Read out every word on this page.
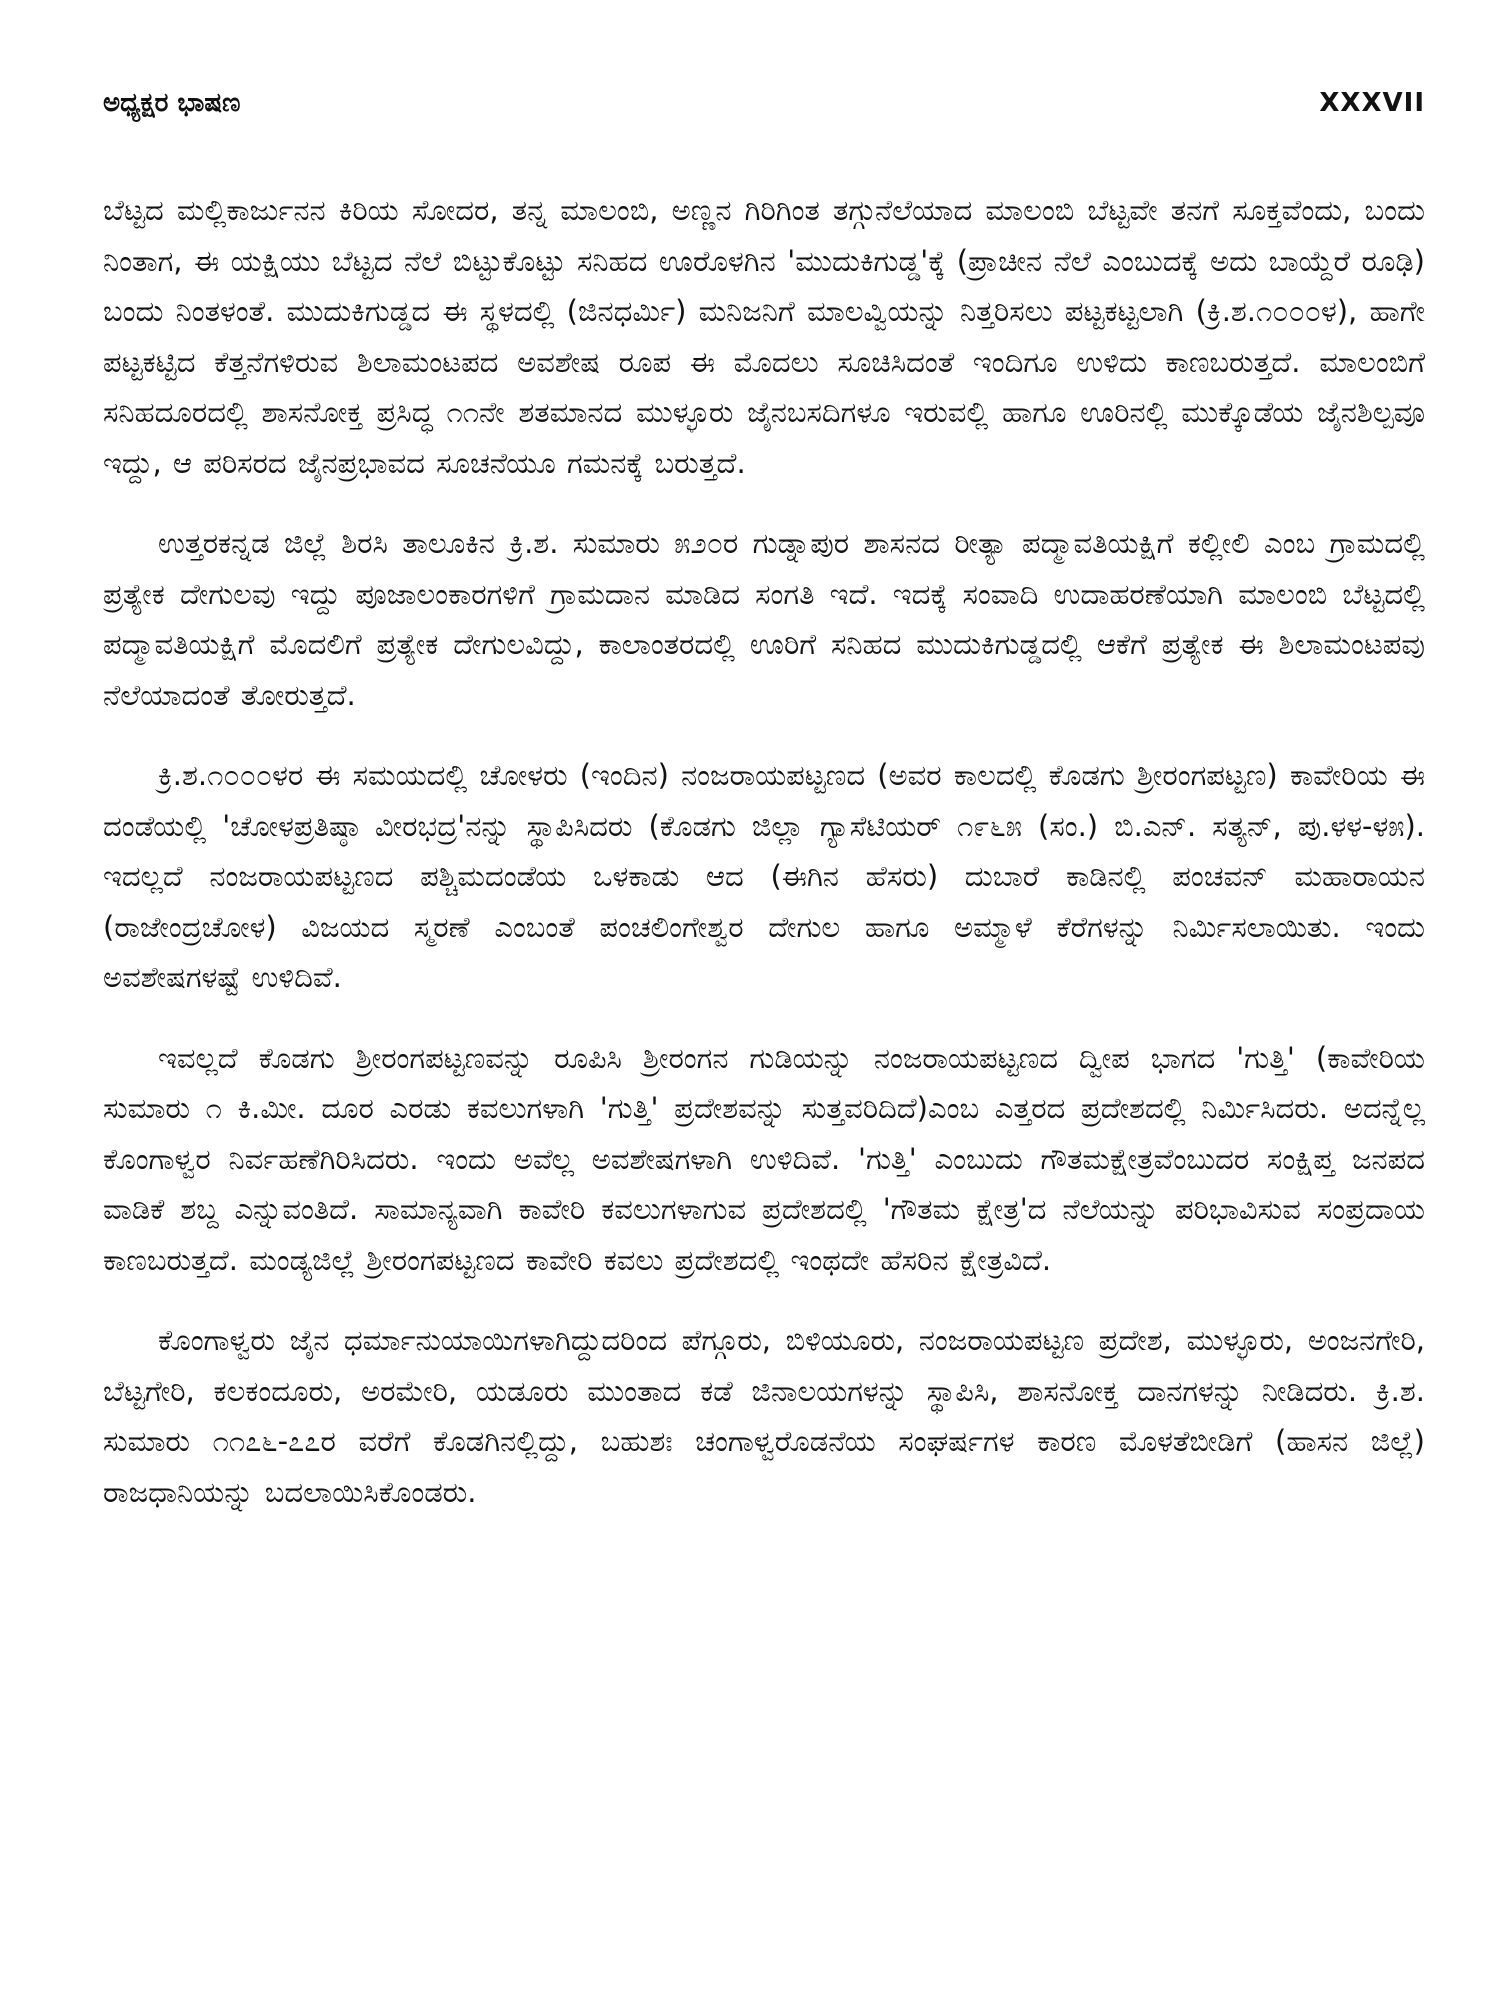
ಅಧ್ಯಕ್ಷರ ಭಾಷಣ	XXXVII

ಬೆಟ್ಟದ ಮಲ್ಲಿಕಾರ್ಜುನನ ಕಿರಿಯ ಸೋದರ, ತನ್ನ ಮಾಲಂಬಿ, ಅಣ್ಣನ ಗಿರಿಗಿಂತ ತಗ್ಗುನೆಲೆಯಾದ ಮಾಲಂಬಿ ಬೆಟ್ಟವೇ ತನಗೆ ಸೂಕ್ತವೆಂದು, ಬಂದು ನಿಂತಾಗ, ಈ ಯಕ್ಷಿಯು ಬೆಟ್ಟದ ನೆಲೆ ಬಿಟ್ಟುಕೊಟ್ಟು ಸನಿಹದ ಊರೊಳಗಿನ 'ಮುದುಕಿಗುಡ್ಡ'ಕ್ಕೆ (ಪ್ರಾಚೀನ ನೆಲೆ ಎಂಬುದಕ್ಕೆ ಅದು ಬಾಯ್ದೆರೆ ರೂಢಿ) ಬಂದು ನಿಂತಳಂತೆ. ಮುದುಕಿಗುಡ್ಡದ ಈ ಸ್ಥಳದಲ್ಲಿ (ಜಿನಧರ್ಮಿ) ಮನಿಜನಿಗೆ ಮಾಲವ್ವಿಯನ್ನು ನಿತ್ತರಿಸಲು ಪಟ್ಟಕಟ್ಟಲಾಗಿ (ಕ್ರಿ.ಶ.೧೦೦೦ಳ), ಹಾಗೇ ಪಟ್ಟಕಟ್ಟಿದ ಕೆತ್ತನೆಗಳಿರುವ ಶಿಲಾಮಂಟಪದ ಅವಶೇಷ ರೂಪ ಈ ಮೊದಲು ಸೂಚಿಸಿದಂತೆ ಇಂದಿಗೂ ಉಳಿದು ಕಾಣಬರುತ್ತದೆ. ಮಾಲಂಬಿಗೆ ಸನಿಹದೂರದಲ್ಲಿ ಶಾಸನೋಕ್ತ ಪ್ರಸಿದ್ಧ ೧೧ನೇ ಶತಮಾನದ ಮುಳ್ಳೂರು ಜೈನಬಸದಿಗಳೂ ಇರುವಲ್ಲಿ ಹಾಗೂ ಊರಿನಲ್ಲಿ ಮುಕ್ಕೊಡೆಯ ಜೈನಶಿಲ್ಪವೂ ಇದ್ದು, ಆ ಪರಿಸರದ ಜೈನಪ್ರಭಾವದ ಸೂಚನೆಯೂ ಗಮನಕ್ಕೆ ಬರುತ್ತದೆ.

ಉತ್ತರಕನ್ನಡ ಜಿಲ್ಲೆ ಶಿರಸಿ ತಾಲೂಕಿನ ಕ್ರಿ.ಶ. ಸುಮಾರು ೫೨೦ರ ಗುಡ್ನಾಪುರ ಶಾಸನದ ರೀತ್ಯಾ ಪದ್ಮಾವತಿಯಕ್ಷಿಗೆ ಕಲ್ಲೀಲಿ ಎಂಬ ಗ್ರಾಮದಲ್ಲಿ ಪ್ರತ್ಯೇಕ ದೇಗುಲವು ಇದ್ದು ಪೂಜಾಲಂಕಾರಗಳಿಗೆ ಗ್ರಾಮದಾನ ಮಾಡಿದ ಸಂಗತಿ ಇದೆ. ಇದಕ್ಕೆ ಸಂವಾದಿ ಉದಾಹರಣೆಯಾಗಿ ಮಾಲಂಬಿ ಬೆಟ್ಟದಲ್ಲಿ ಪದ್ಮಾವತಿಯಕ್ಷಿಗೆ ಮೊದಲಿಗೆ ಪ್ರತ್ಯೇಕ ದೇಗುಲವಿದ್ದು, ಕಾಲಾಂತರದಲ್ಲಿ ಊರಿಗೆ ಸನಿಹದ ಮುದುಕಿಗುಡ್ಡದಲ್ಲಿ ಆಕೆಗೆ ಪ್ರತ್ಯೇಕ ಈ ಶಿಲಾಮಂಟಪವು ನೆಲೆಯಾದಂತೆ ತೋರುತ್ತದೆ.

ಕ್ರಿ.ಶ.೧೦೦೦ಳರ ಈ ಸಮಯದಲ್ಲಿ ಚೋಳರು (ಇಂದಿನ) ನಂಜರಾಯಪಟ್ಟಣದ (ಅವರ ಕಾಲದಲ್ಲಿ ಕೊಡಗು ಶ್ರೀರಂಗಪಟ್ಟಣ) ಕಾವೇರಿಯ ಈ ದಂಡೆಯಲ್ಲಿ 'ಚೋಳಪ್ರತಿಷ್ಠಾ ವೀರಭದ್ರ'ನನ್ನು ಸ್ಥಾಪಿಸಿದರು (ಕೊಡಗು ಜಿಲ್ಲಾ ಗ್ಯಾಸೆಟಿಯರ್ ೧೯೬೫ (ಸಂ.) ಬಿ.ಎನ್. ಸತ್ಯನ್, ಪು.ಳಳ-ಳ೫). ಇದಲ್ಲದೆ ನಂಜರಾಯಪಟ್ಟಣದ ಪಶ್ಚಿಮದಂಡೆಯ ಒಳಕಾಡು ಆದ (ಈಗಿನ ಹೆಸರು) ದುಬಾರೆ ಕಾಡಿನಲ್ಲಿ ಪಂಚವನ್ ಮಹಾರಾಯನ (ರಾಜೇಂದ್ರಚೋಳ) ವಿಜಯದ ಸ್ಮರಣೆ ಎಂಬಂತೆ ಪಂಚಲಿಂಗೇಶ್ವರ ದೇಗುಲ ಹಾಗೂ ಅಮ್ಮಾಳೆ ಕೆರೆಗಳನ್ನು ನಿರ್ಮಿಸಲಾಯಿತು. ಇಂದು ಅವಶೇಷಗಳಷ್ಟೆ ಉಳಿದಿವೆ.

ಇವಲ್ಲದೆ ಕೊಡಗು ಶ್ರೀರಂಗಪಟ್ಟಣವನ್ನು ರೂಪಿಸಿ ಶ್ರೀರಂಗನ ಗುಡಿಯನ್ನು ನಂಜರಾಯಪಟ್ಟಣದ ದ್ವೀಪ ಭಾಗದ 'ಗುತ್ತಿ' (ಕಾವೇರಿಯ ಸುಮಾರು ೧ ಕಿ.ಮೀ. ದೂರ ಎರಡು ಕವಲುಗಳಾಗಿ 'ಗುತ್ತಿ' ಪ್ರದೇಶವನ್ನು ಸುತ್ತವರಿದಿದೆ)ಎಂಬ ಎತ್ತರದ ಪ್ರದೇಶದಲ್ಲಿ ನಿರ್ಮಿಸಿದರು. ಅದನ್ನೆಲ್ಲ ಕೊಂಗಾಳ್ವರ ನಿರ್ವಹಣೆಗಿರಿಸಿದರು. ಇಂದು ಅವೆಲ್ಲ ಅವಶೇಷಗಳಾಗಿ ಉಳಿದಿವೆ. 'ಗುತ್ತಿ' ಎಂಬುದು ಗೌತಮಕ್ಷೇತ್ರವೆಂಬುದರ ಸಂಕ್ಷಿಪ್ತ ಜನಪದ ವಾಡಿಕೆ ಶಬ್ದ ಎನ್ನುವಂತಿದೆ. ಸಾಮಾನ್ಯವಾಗಿ ಕಾವೇರಿ ಕವಲುಗಳಾಗುವ ಪ್ರದೇಶದಲ್ಲಿ 'ಗೌತಮ ಕ್ಷೇತ್ರ'ದ ನೆಲೆಯನ್ನು ಪರಿಭಾವಿಸುವ ಸಂಪ್ರದಾಯ ಕಾಣಬರುತ್ತದೆ. ಮಂಡ್ಯಜಿಲ್ಲೆ ಶ್ರೀರಂಗಪಟ್ಟಣದ ಕಾವೇರಿ ಕವಲು ಪ್ರದೇಶದಲ್ಲಿ ಇಂಥದೇ ಹೆಸರಿನ ಕ್ಷೇತ್ರವಿದೆ.

ಕೊಂಗಾಳ್ವರು ಜೈನ ಧರ್ಮಾನುಯಾಯಿಗಳಾಗಿದ್ದುದರಿಂದ ಪೆಗ್ಗೂರು, ಬಿಳಿಯೂರು, ನಂಜರಾಯಪಟ್ಟಣ ಪ್ರದೇಶ, ಮುಳ್ಳೂರು, ಅಂಜನಗೇರಿ, ಬೆಟ್ಟಗೇರಿ, ಕಲಕಂದೂರು, ಅರಮೇರಿ, ಯಡೂರು ಮುಂತಾದ ಕಡೆ ಜಿನಾಲಯಗಳನ್ನು ಸ್ಥಾಪಿಸಿ, ಶಾಸನೋಕ್ತ ದಾನಗಳನ್ನು ನೀಡಿದರು. ಕ್ರಿ.ಶ. ಸುಮಾರು ೧೧೭೬-೭೭ರ ವರೆಗೆ ಕೊಡಗಿನಲ್ಲಿದ್ದು, ಬಹುಶಃ ಚಂಗಾಳ್ವರೊಡನೆಯ ಸಂಘರ್ಷಗಳ ಕಾರಣ ಮೊಳತೆಬೀಡಿಗೆ (ಹಾಸನ ಜಿಲ್ಲೆ) ರಾಜಧಾನಿಯನ್ನು ಬದಲಾಯಿಸಿಕೊಂಡರು.
